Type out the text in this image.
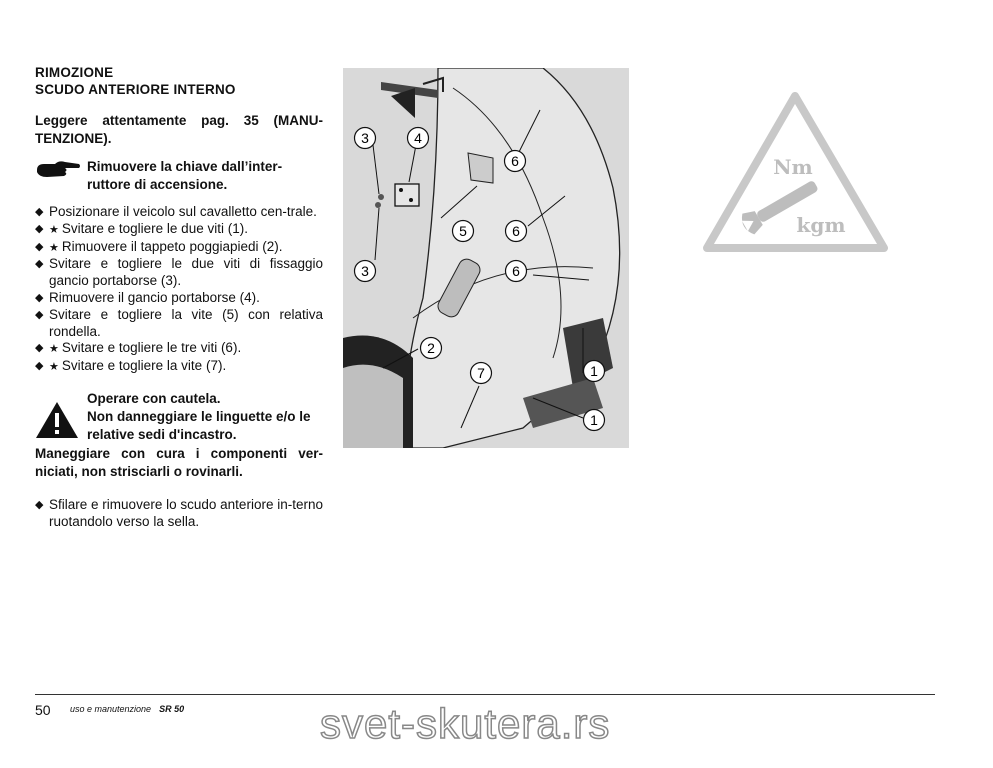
RIMOZIONE
SCUDO ANTERIORE INTERNO

Leggere attentamente pag. 35 (MANU-TENZIONE).

Rimuovere la chiave dall’inter-ruttore di accensione.
◆ Posizionare il veicolo sul cavalletto cen-trale.
◆ ★ Svitare e togliere le due viti (1).
◆ ★ Rimuovere il tappeto poggiapiedi (2).
◆ Svitare e togliere le due viti di fissaggio gancio portaborse (3).
◆ Rimuovere il gancio portaborse (4).
◆ Svitare e togliere la vite (5) con relativa rondella.
◆ ★ Svitare e togliere le tre viti (6).
◆ ★ Svitare e togliere la vite (7).
Operare con cautela.
Non danneggiare le linguette e/o le relative sedi d'incastro.

Maneggiare con cura i componenti ver-niciati, non strisciarli o rovinarli.

◆ Sfilare e rimuovere lo scudo anteriore in-terno ruotandolo verso la sella.
3	4
6
5	6
3	6
2
7	1
1
Nm
kgm
50 uso e manutenzione SR 50	svet-skutera.rs
